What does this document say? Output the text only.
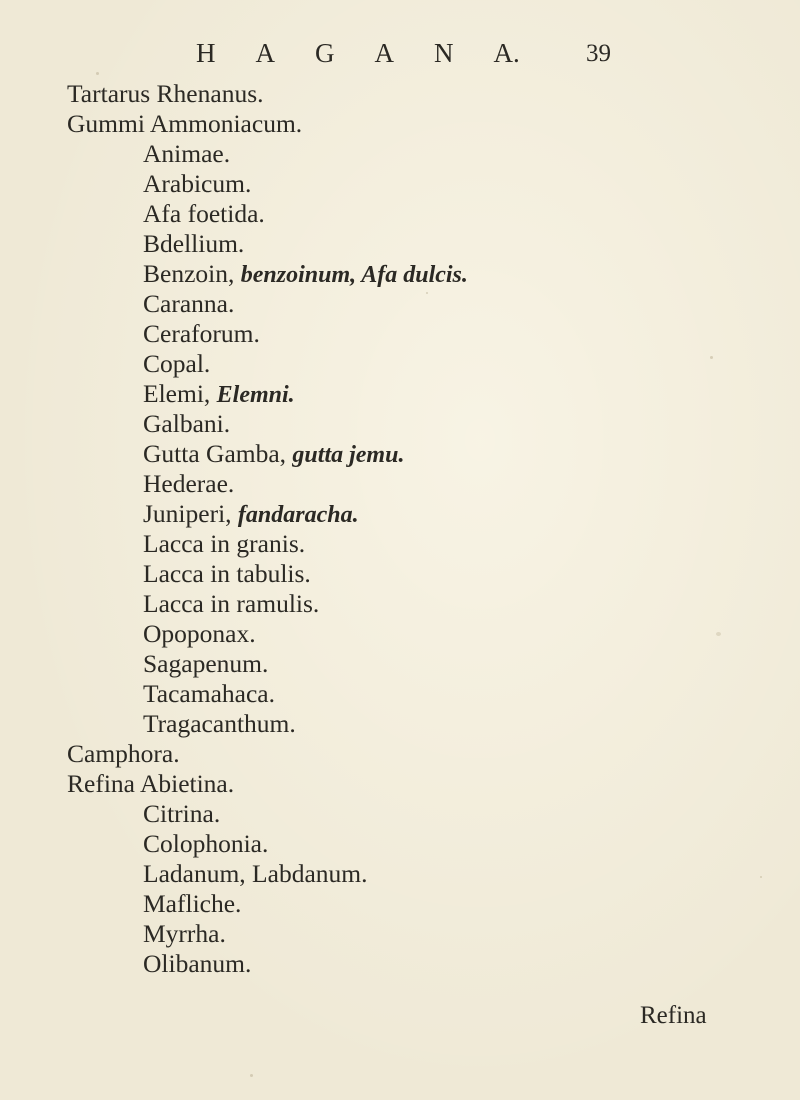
H A G A N A.	39
Tartarus Rhenanus.
Gummi Ammoniacum.
Animae.
Arabicum.
Afa foetida.
Bdellium.
Benzoin, benzoinum, Afa dulcis.
Caranna.
Ceraforum.
Copal.
Elemi, Elemni.
Galbani.
Gutta Gamba, gutta jemu.
Hederae.
Juniperi, fandaracha.
Lacca in granis.
Lacca in tabulis.
Lacca in ramulis.
Opoponax.
Sagapenum.
Tacamahaca.
Tragacanthum.
Camphora.
Refina Abietina.
Citrina.
Colophonia.
Ladanum, Labdanum.
Mafliche.
Myrrha.
Olibanum.
Refina
